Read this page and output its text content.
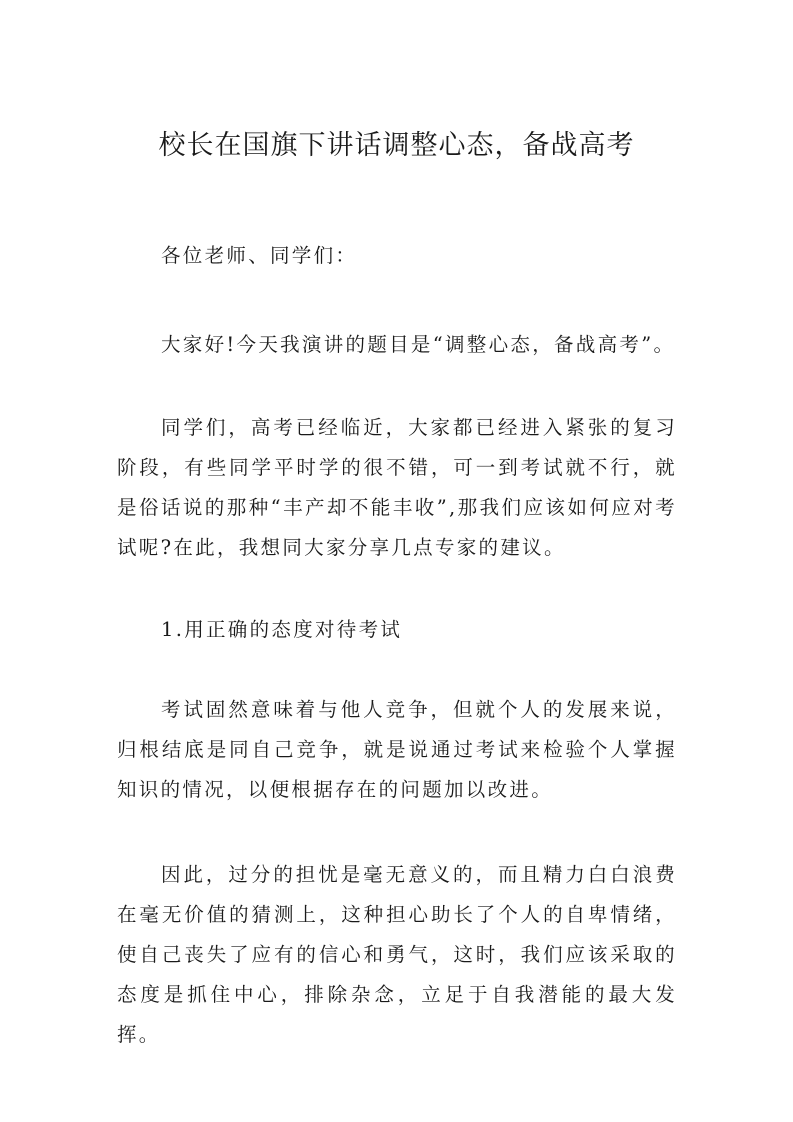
校长在国旗下讲话调整心态，备战高考

各位老师、同学们：

大家好!今天我演讲的题目是“调整心态，备战高考”。

同学们，高考已经临近，大家都已经进入紧张的复习阶段，有些同学平时学的很不错，可一到考试就不行，就是俗话说的那种“丰产却不能丰收”,那我们应该如何应对考试呢?在此，我想同大家分享几点专家的建议。

1.用正确的态度对待考试

考试固然意味着与他人竞争，但就个人的发展来说，归根结底是同自己竞争，就是说通过考试来检验个人掌握知识的情况，以便根据存在的问题加以改进。

因此，过分的担忧是毫无意义的，而且精力白白浪费在毫无价值的猜测上，这种担心助长了个人的自卑情绪，使自己丧失了应有的信心和勇气，这时，我们应该采取的态度是抓住中心，排除杂念，立足于自我潜能的最大发挥。
